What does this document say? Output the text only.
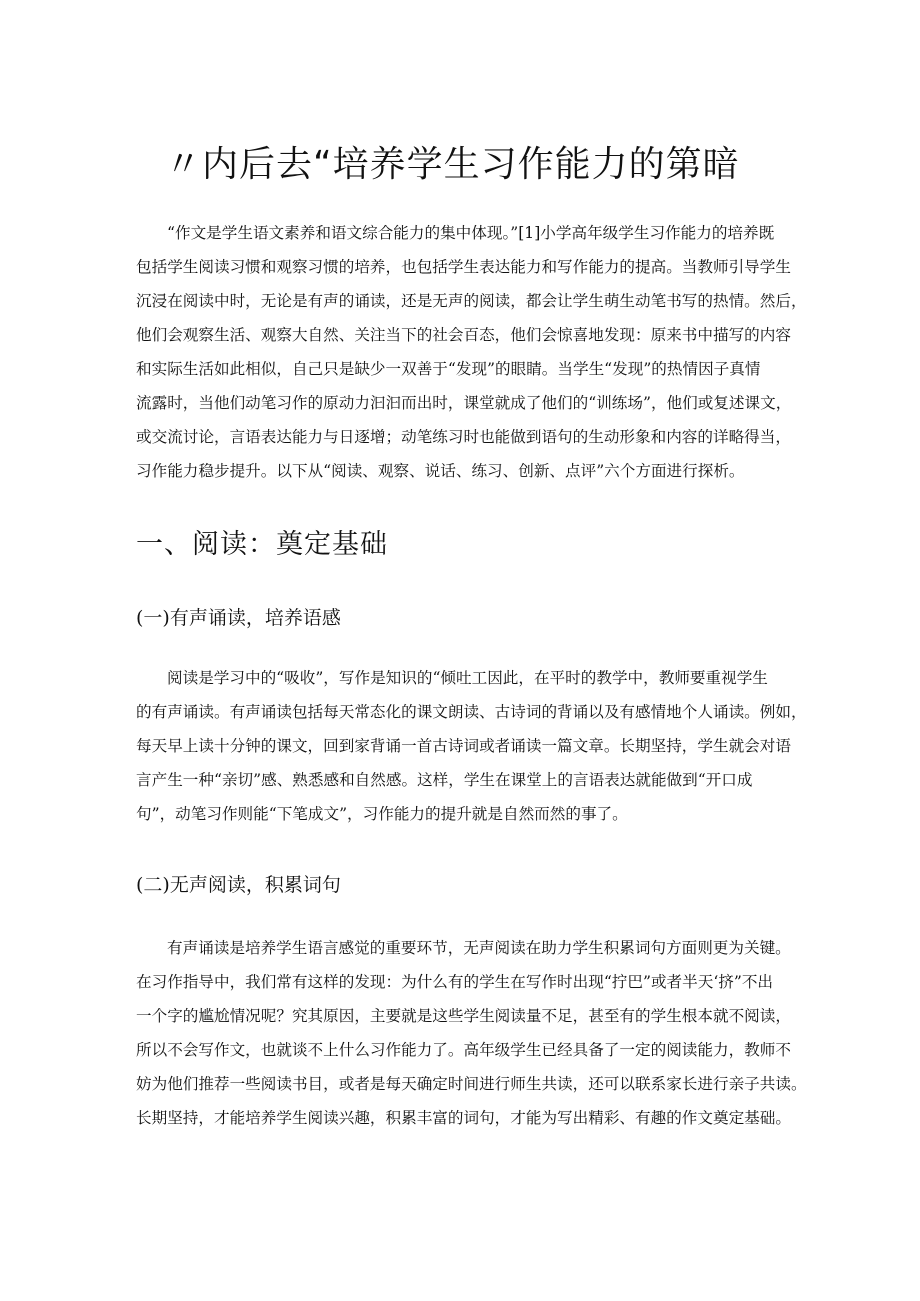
〃内后去“培养学生习作能力的第暗
“作文是学生语文素养和语文综合能力的集中体现。”[1]小学高年级学生习作能力的培养既
包括学生阅读习惯和观察习惯的培养，也包括学生表达能力和写作能力的提高。当教师引导学生
沉浸在阅读中时，无论是有声的诵读，还是无声的阅读，都会让学生萌生动笔书写的热情。然后，
他们会观察生活、观察大自然、关注当下的社会百态，他们会惊喜地发现：原来书中描写的内容
和实际生活如此相似，自己只是缺少一双善于“发现”的眼睛。当学生“发现”的热情因子真情
流露时，当他们动笔习作的原动力汩汩而出时，课堂就成了他们的“训练场”，他们或复述课文，
或交流讨论，言语表达能力与日逐增；动笔练习时也能做到语句的生动形象和内容的详略得当，
习作能力稳步提升。以下从“阅读、观察、说话、练习、创新、点评”六个方面进行探析。
一、阅读：奠定基础
(一)有声诵读，培养语感
阅读是学习中的“吸收”，写作是知识的“倾吐工因此，在平时的教学中，教师要重视学生
的有声诵读。有声诵读包括每天常态化的课文朗读、古诗词的背诵以及有感情地个人诵读。例如，
每天早上读十分钟的课文，回到家背诵一首古诗词或者诵读一篇文章。长期坚持，学生就会对语
言产生一种“亲切”感、熟悉感和自然感。这样，学生在课堂上的言语表达就能做到“开口成
句”，动笔习作则能“下笔成文”，习作能力的提升就是自然而然的事了。
(二)无声阅读，积累词句
有声诵读是培养学生语言感觉的重要环节，无声阅读在助力学生积累词句方面则更为关键。
在习作指导中，我们常有这样的发现：为什么有的学生在写作时出现“拧巴”或者半天‘挤”不出
一个字的尴尬情况呢？究其原因，主要就是这些学生阅读量不足，甚至有的学生根本就不阅读，
所以不会写作文，也就谈不上什么习作能力了。高年级学生已经具备了一定的阅读能力，教师不
妨为他们推荐一些阅读书目，或者是每天确定时间进行师生共读，还可以联系家长进行亲子共读。
长期坚持，才能培养学生阅读兴趣，积累丰富的词句，才能为写出精彩、有趣的作文奠定基础。
